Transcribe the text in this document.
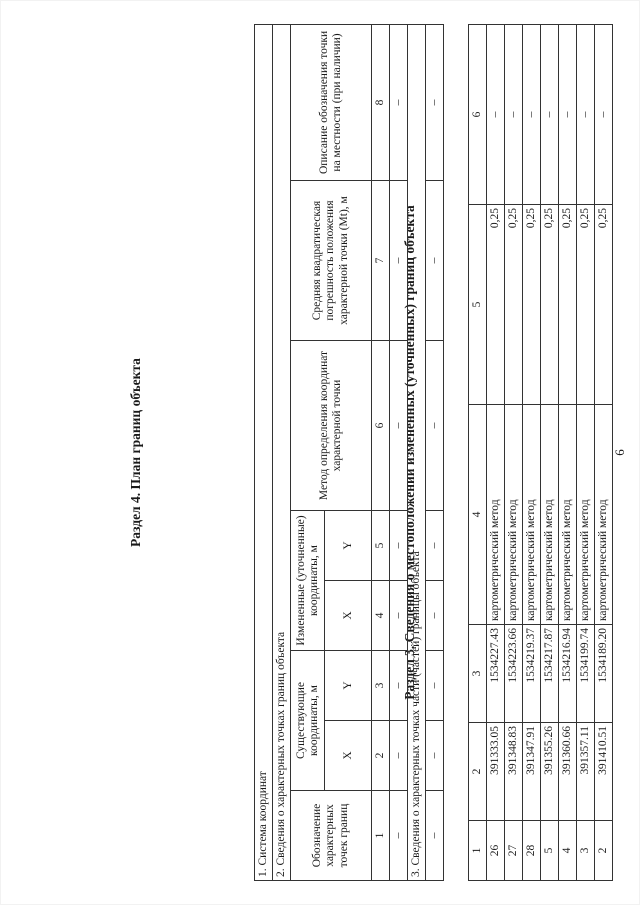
6
1	2	3	4	5	6
26	391333.05	1534227.43	картометрический метод	0,25	–
27	391348.83	1534223.66	картометрический метод	0,25	–
28	391347.91	1534219.37	картометрический метод	0,25	–
5	391355.26	1534217.87	картометрический метод	0,25	–
4	391360.66	1534216.94	картометрический метод	0,25	–
3	391357.11	1534199.74	картометрический метод	0,25	–
2	391410.51	1534189.20	картометрический метод	0,25	–
Раздел 3. Сведения о местоположении измененных (уточненных) границ объекта
1. Система координат							
2. Сведения о характерных точках границ объекта							
Обозначение характерных точек границ	Существующие координаты, м		Измененные (уточненные) координаты, м		Метод определения координат характерной точки	Средняя квадратическая погрешность положения характерной точки (Mt), м	Описание обозначения точки на местности (при наличии)
	X	Y	X	Y			
1	2	3	4	5	6	7	8
–	–	–	–	–	–	–	–
3. Сведения о характерных точках части (частей) границы объекта							
–	–	–	–	–	–	–	–
Раздел 4. План границ объекта
